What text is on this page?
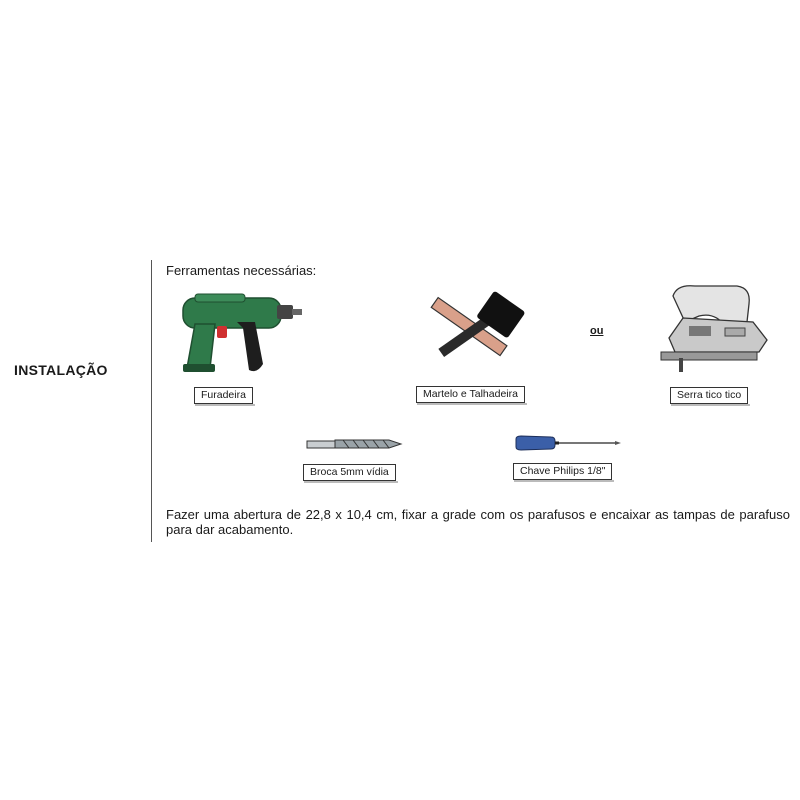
INSTALAÇÃO
Ferramentas necessárias:
ou
Furadeira	Martelo e Talhadeira	Serra tico tico
Broca 5mm vídia	Chave Philips 1/8"
Fazer uma abertura de 22,8 x 10,4 cm, fixar a grade com os parafusos e encaixar as tampas de parafuso para dar acabamento.
